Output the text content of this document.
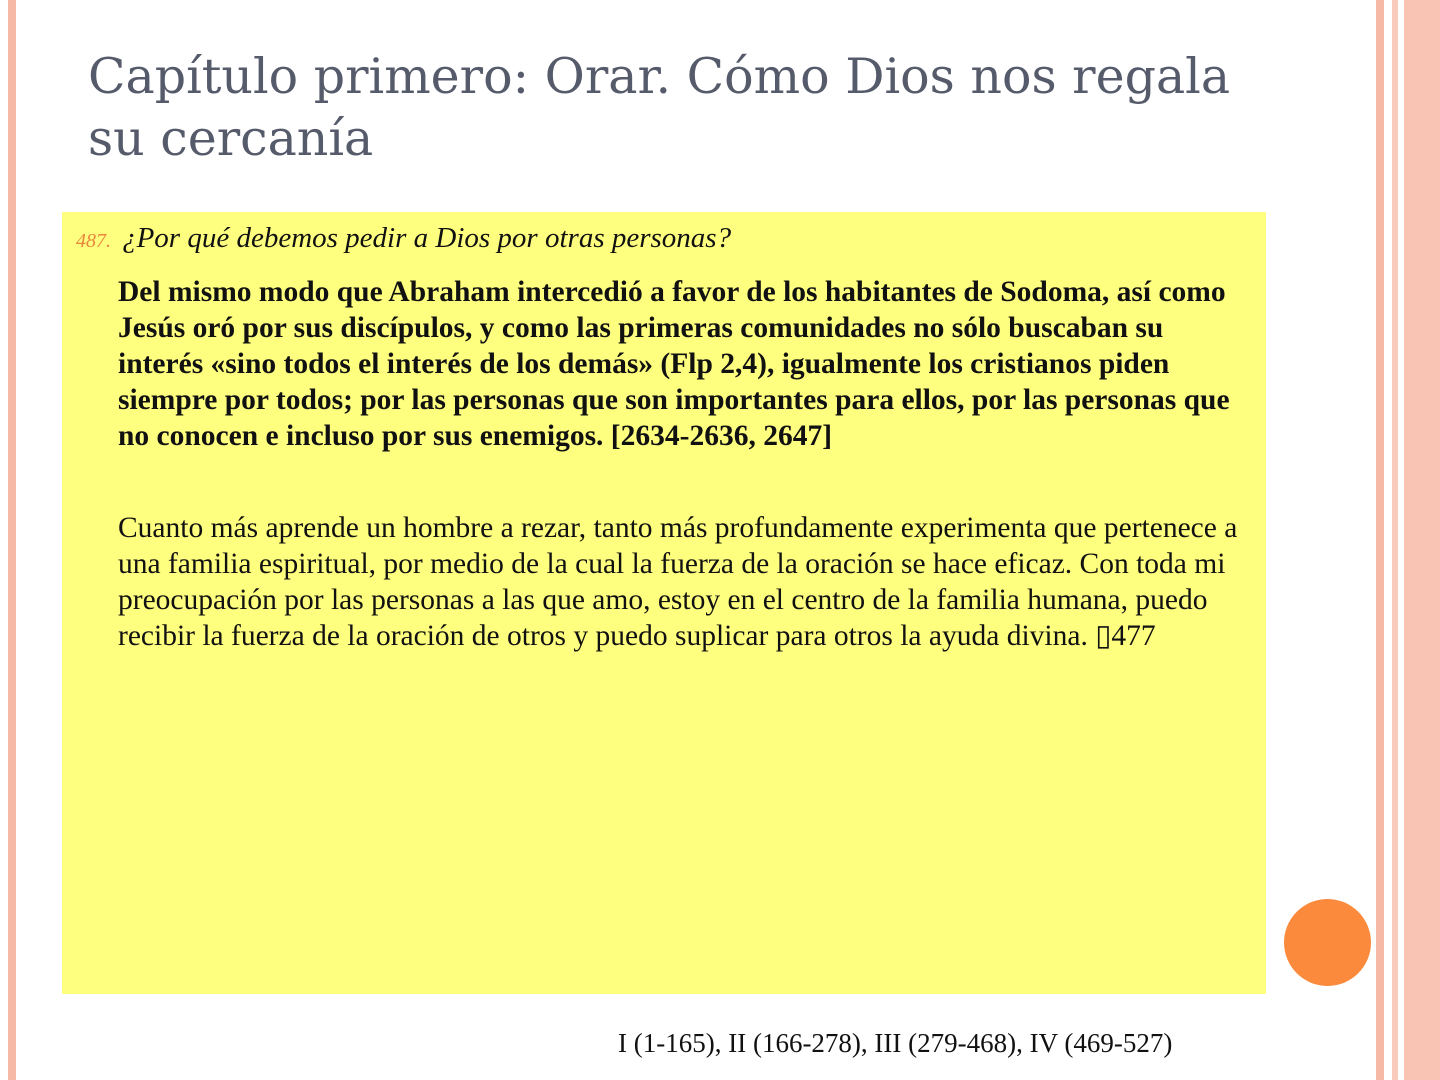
Capítulo primero: Orar. Cómo Dios nos regala su cercanía
487. ¿Por qué debemos pedir a Dios por otras personas?

Del mismo modo que Abraham intercedió a favor de los habitantes de Sodoma, así como Jesús oró por sus discípulos, y como las primeras comunidades no sólo buscaban su interés «sino todos el interés de los demás» (Flp 2,4), igualmente los cristianos piden siempre por todos; por las personas que son importantes para ellos, por las personas que no conocen e incluso por sus enemigos. [2634-2636, 2647]

Cuanto más aprende un hombre a rezar, tanto más profundamente experimenta que pertenece a una familia espiritual, por medio de la cual la fuerza de la oración se hace eficaz. Con toda mi preocupación por las personas a las que amo, estoy en el centro de la familia humana, puedo recibir la fuerza de la oración de otros y puedo suplicar para otros la ayuda divina. ▯477

I (1-165), II (166-278), III (279-468), IV (469-527)
